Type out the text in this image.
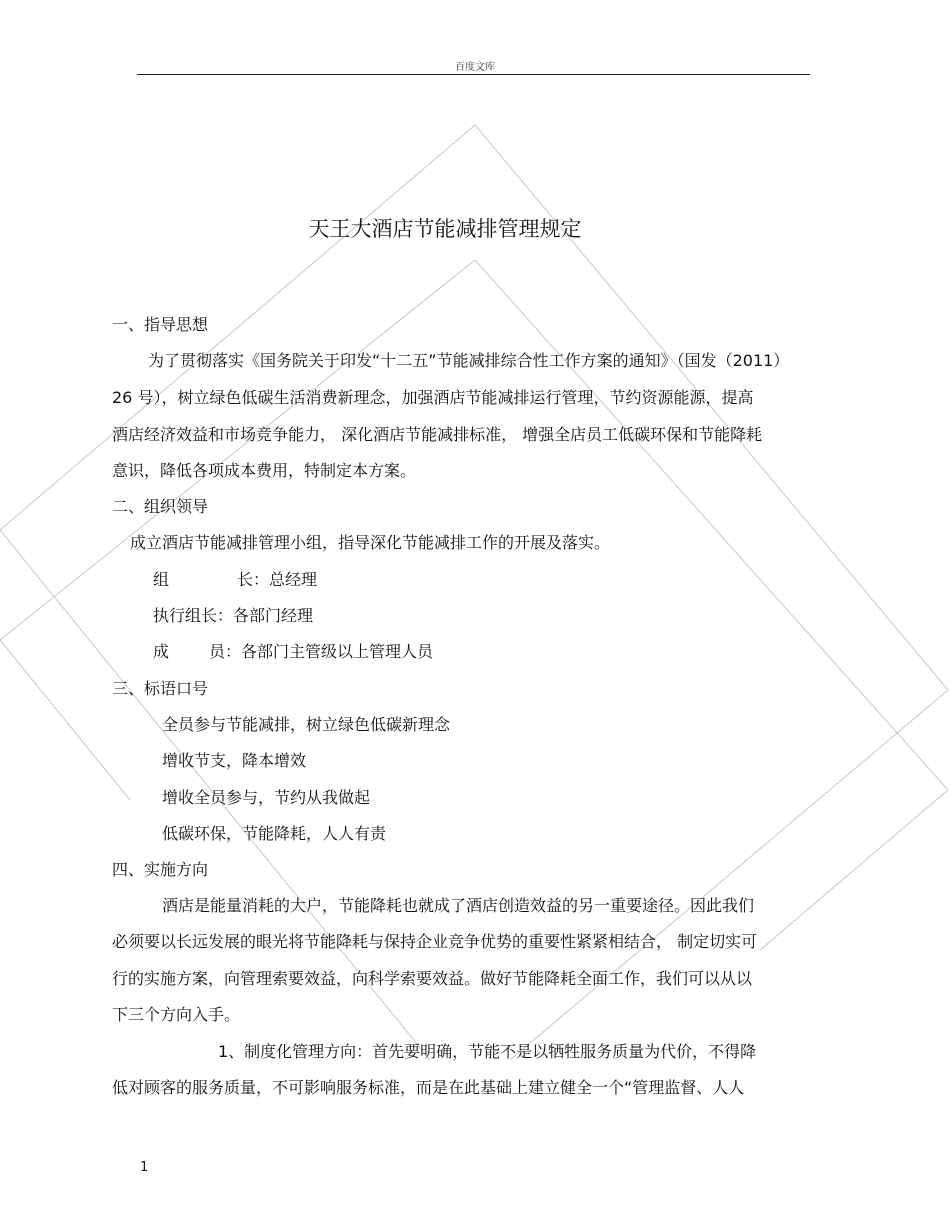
百度文库
天王大酒店节能减排管理规定
一、指导思想
为了贯彻落实《国务院关于印发“十二五”节能减排综合性工作方案的通知》（国发（2011）
26 号），树立绿色低碳生活消费新理念，加强酒店节能减排运行管理，节约资源能源，提高
酒店经济效益和市场竞争能力， 深化酒店节能减排标准， 增强全店员工低碳环保和节能降耗
意识，降低各项成本费用，特制定本方案。
二、组织领导
成立酒店节能减排管理小组，指导深化节能减排工作的开展及落实。
组	长：总经理
执行组长：各部门经理
成 员：各部门主管级以上管理人员
三、标语口号
全员参与节能减排，树立绿色低碳新理念
增收节支，降本增效
增收全员参与，节约从我做起
低碳环保，节能降耗，人人有责
四、实施方向
酒店是能量消耗的大户，节能降耗也就成了酒店创造效益的另一重要途径。因此我们
必须要以长远发展的眼光将节能降耗与保持企业竞争优势的重要性紧紧相结合， 制定切实可
行的实施方案，向管理索要效益，向科学索要效益。做好节能降耗全面工作，我们可以从以
下三个方向入手。
1、制度化管理方向：首先要明确，节能不是以牺牲服务质量为代价，不得降
低对顾客的服务质量，不可影响服务标准，而是在此基础上建立健全一个“管理监督、人人
1
